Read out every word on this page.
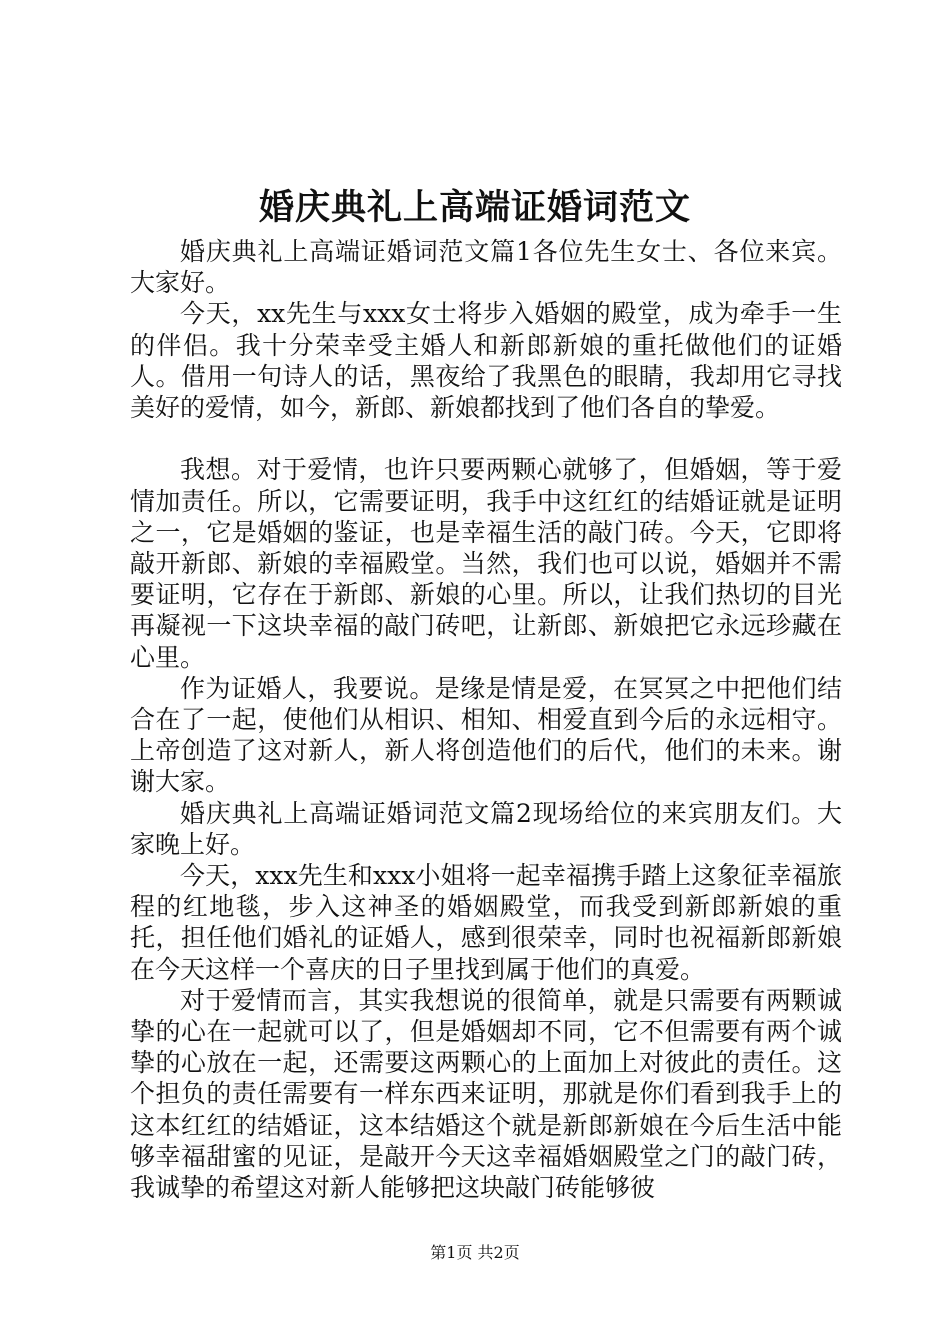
婚庆典礼上高端证婚词范文

婚庆典礼上高端证婚词范文篇1各位先生女士、各位来宾。大家好。

今天，xx先生与xxx女士将步入婚姻的殿堂，成为牵手一生的伴侣。我十分荣幸受主婚人和新郎新娘的重托做他们的证婚人。借用一句诗人的话，黑夜给了我黑色的眼睛，我却用它寻找美好的爱情，如今，新郎、新娘都找到了他们各自的挚爱。

我想。对于爱情，也许只要两颗心就够了，但婚姻，等于爱情加责任。所以，它需要证明，我手中这红红的结婚证就是证明之一，它是婚姻的鉴证，也是幸福生活的敲门砖。今天，它即将敲开新郎、新娘的幸福殿堂。当然，我们也可以说，婚姻并不需要证明，它存在于新郎、新娘的心里。所以，让我们热切的目光再凝视一下这块幸福的敲门砖吧，让新郎、新娘把它永远珍藏在心里。

作为证婚人，我要说。是缘是情是爱，在冥冥之中把他们结合在了一起，使他们从相识、相知、相爱直到今后的永远相守。上帝创造了这对新人，新人将创造他们的后代，他们的未来。谢谢大家。

婚庆典礼上高端证婚词范文篇2现场给位的来宾朋友们。大家晚上好。

今天，xxx先生和xxx小姐将一起幸福携手踏上这象征幸福旅程的红地毯，步入这神圣的婚姻殿堂，而我受到新郎新娘的重托，担任他们婚礼的证婚人，感到很荣幸，同时也祝福新郎新娘在今天这样一个喜庆的日子里找到属于他们的真爱。

对于爱情而言，其实我想说的很简单，就是只需要有两颗诚挚的心在一起就可以了，但是婚姻却不同，它不但需要有两个诚挚的心放在一起，还需要这两颗心的上面加上对彼此的责任。这个担负的责任需要有一样东西来证明，那就是你们看到我手上的这本红红的结婚证，这本结婚这个就是新郎新娘在今后生活中能够幸福甜蜜的见证，是敲开今天这幸福婚姻殿堂之门的敲门砖，我诚挚的希望这对新人能够把这块敲门砖能够彼

第1页 共2页
